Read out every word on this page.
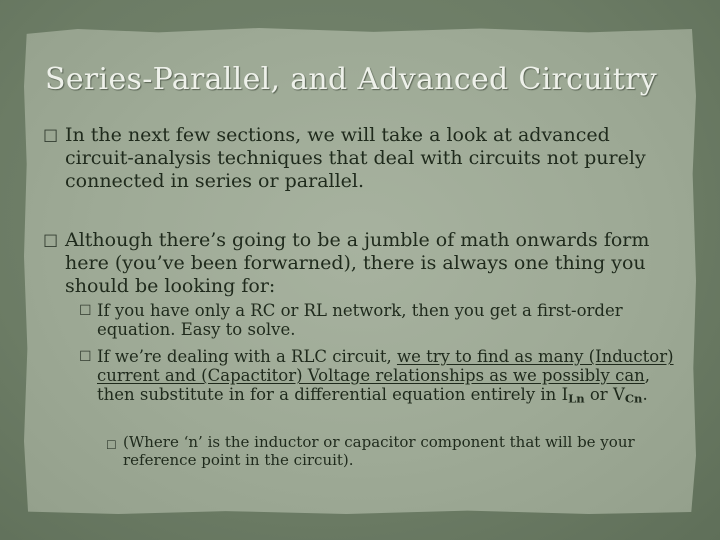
Series-Parallel, and Advanced Circuitry
☐ In the next few sections, we will take a look at advanced circuit-analysis techniques that deal with circuits not purely connected in series or parallel.
☐ Although there’s going to be a jumble of math onwards form here (you’ve been forwarned), there is always one thing you should be looking for:
☐ If you have only a RC or RL network, then you get a first-order equation. Easy to solve.
☐ If we’re dealing with a RLC circuit, we try to find as many (Inductor) current and (Capactitor) Voltage relationships as we possibly can, then substitute in for a differential equation entirely in $I_{Ln}$ or $V_{Cn}$.
☐ (Where ‘n’ is the inductor or capacitor component that will be your reference point in the circuit).
